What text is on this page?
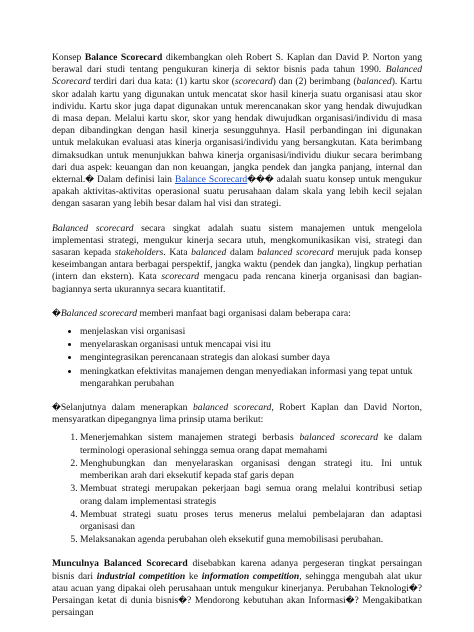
Konsep Balance Scorecard dikembangkan oleh Robert S. Kaplan dan David P. Norton yang berawal dari studi tentang pengukuran kinerja di sektor bisnis pada tahun 1990. Balanced Scorecard terdiri dari dua kata: (1) kartu skor (scorecard) dan (2) berimbang (balanced). Kartu skor adalah kartu yang digunakan untuk mencatat skor hasil kinerja suatu organisasi atau skor individu. Kartu skor juga dapat digunakan untuk merencanakan skor yang hendak diwujudkan di masa depan. Melalui kartu skor, skor yang hendak diwujudkan organisasi/individu di masa depan dibandingkan dengan hasil kinerja sesungguhnya. Hasil perbandingan ini digunakan untuk melakukan evaluasi atas kinerja organisasi/individu yang bersangkutan. Kata berimbang dimaksudkan untuk menunjukkan bahwa kinerja organisasi/individu diukur secara berimbang dari dua aspek: keuangan dan non keuangan, jangka pendek dan jangka panjang, internal dan ekternal.� Dalam definisi lain Balance Scorecard��� adalah suatu konsep untuk mengukur apakah aktivitas-aktivitas operasional suatu perusahaan dalam skala yang lebih kecil sejalan dengan sasaran yang lebih besar dalam hal visi dan strategi.

Balanced scorecard secara singkat adalah suatu sistem manajemen untuk mengelola implementasi strategi, mengukur kinerja secara utuh, mengkomunikasikan visi, strategi dan sasaran kepada stakeholders. Kata balanced dalam balanced scorecard merujuk pada konsep keseimbangan antara berbagai perspektif, jangka waktu (pendek dan jangka), lingkup perhatian (intern dan ekstern). Kata scorecard mengacu pada rencana kinerja organisasi dan bagian-bagiannya serta ukurannya secara kuantitatif.

�Balanced scorecard memberi manfaat bagi organisasi dalam beberapa cara:

• menjelaskan visi organisasi
• menyelaraskan organisasi untuk mencapai visi itu
• mengintegrasikan perencanaan strategis dan alokasi sumber daya
• meningkatkan efektivitas manajemen dengan menyediakan informasi yang tepat untuk mengarahkan perubahan

�Selanjutnya dalam menerapkan balanced scorecard, Robert Kaplan dan David Norton, mensyaratkan dipegangnya lima prinsip utama berikut:

1. Menerjemahkan sistem manajemen strategi berbasis balanced scorecard ke dalam terminologi operasional sehingga semua orang dapat memahami
2. Menghubungkan dan menyelaraskan organisasi dengan strategi itu. Ini untuk memberikan arah dari eksekutif kepada staf garis depan
3. Membuat strategi merupakan pekerjaan bagi semua orang melalui kontribusi setiap orang dalam implementasi strategis
4. Membuat strategi suatu proses terus menerus melalui pembelajaran dan adaptasi organisasi dan
5. Melaksanakan agenda perubahan oleh eksekutif guna memobilisasi perubahan.

Munculnya Balanced Scorecard disebabkan karena adanya pergeseran tingkat persaingan bisnis dari industrial competition ke information competition, sehingga mengubah alat ukur atau acuan yang dipakai oleh perusahaan untuk mengukur kinerjanya. Perubahan Teknologi�? Persaingan ketat di dunia bisnis�? Mendorong kebutuhan akan Informasi�? Mengakibatkan persaingan
